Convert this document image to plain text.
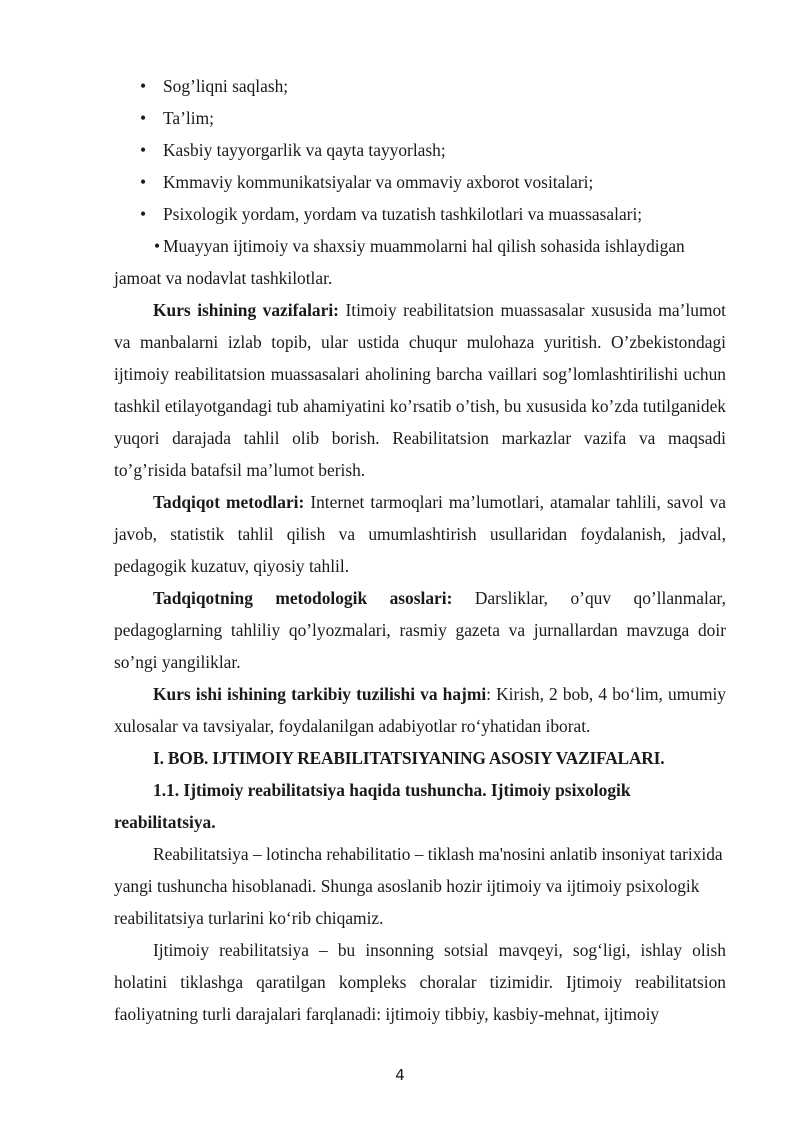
• Sog’liqni saqlash;
• Ta’lim;
• Kasbiy tayyorgarlik va qayta tayyorlash;
• Kmmaviy kommunikatsiyalar va ommaviy axborot vositalari;
• Psixologik yordam, yordam va tuzatish tashkilotlari va muassasalari;

• Muayyan ijtimoiy va shaxsiy muammolarni hal qilish sohasida ishlaydigan jamoat va nodavlat tashkilotlar.

Kurs ishining vazifalari: Itimoiy reabilitatsion muassasalar xususida ma’lumot va manbalarni izlab topib, ular ustida chuqur mulohaza yuritish. O’zbekistondagi ijtimoiy reabilitatsion muassasalari aholining barcha vaillari sog’lomlashtirilishi uchun tashkil etilayotgandagi tub ahamiyatini ko’rsatib o’tish, bu xususida ko’zda tutilganidek yuqori darajada tahlil olib borish. Reabilitatsion markazlar vazifa va maqsadi to’g’risida batafsil ma’lumot berish.

Tadqiqot metodlari: Internet tarmoqlari ma’lumotlari, atamalar tahlili, savol va javob, statistik tahlil qilish va umumlashtirish usullaridan foydalanish, jadval, pedagogik kuzatuv, qiyosiy tahlil.

Tadqiqotning metodologik asoslari: Darsliklar, o’quv qo’llanmalar, pedagoglarning tahliliy qo’lyozmalari, rasmiy gazeta va jurnallardan mavzuga doir so’ngi yangiliklar.

Kurs ishi ishining tarkibiy tuzilishi va hajmi: Kirish, 2 bob, 4 bo‘lim, umumiy xulosalar va tavsiyalar, foydalanilgan adabiyotlar ro‘yhatidan iborat.

I. BOB. IJTIMOIY REABILITATSIYANING ASOSIY VAZIFALARI.

1.1. Ijtimoiy reabilitatsiya haqida tushuncha. Ijtimoiy psixologik reabilitatsiya.

Reabilitatsiya – lotincha rehabilitatio – tiklash ma'nosini anlatib insoniyat tarixida yangi tushuncha hisoblanadi. Shunga asoslanib hozir ijtimoiy va ijtimoiy psixologik reabilitatsiya turlarini ko‘rib chiqamiz.

Ijtimoiy reabilitatsiya – bu insonning sotsial mavqeyi, sog‘ligi, ishlay olish holatini tiklashga qaratilgan kompleks choralar tizimidir. Ijtimoiy reabilitatsion faoliyatning turli darajalari farqlanadi: ijtimoiy tibbiy, kasbiy-mehnat, ijtimoiy

4
